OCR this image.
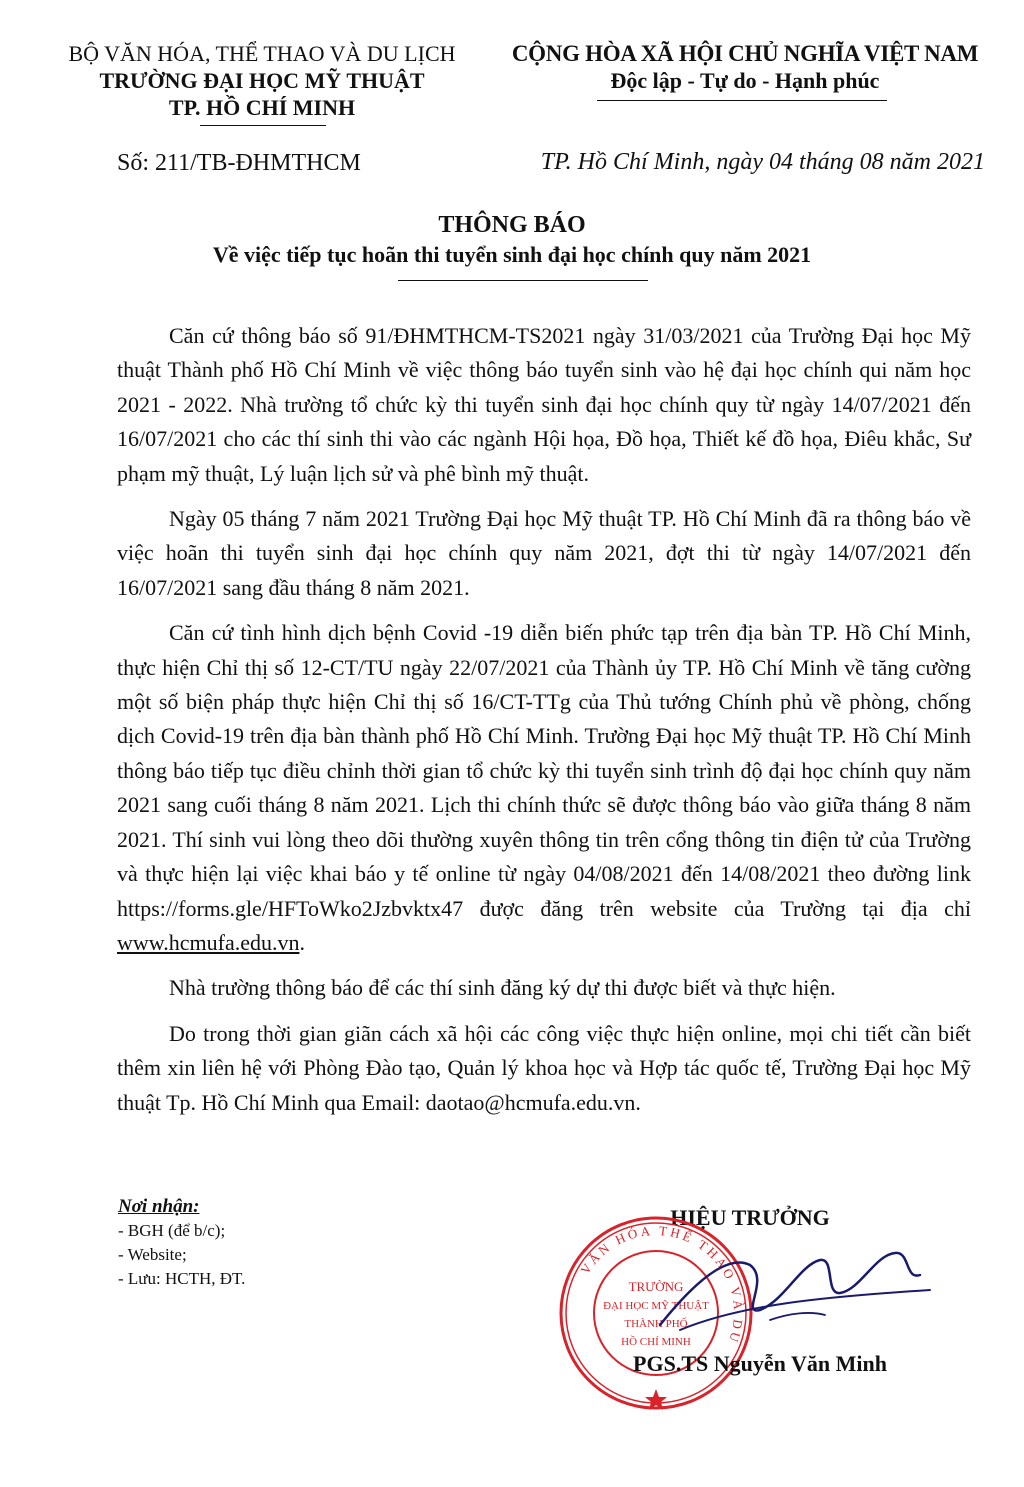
BỘ VĂN HÓA, THỂ THAO VÀ DU LỊCH
TRƯỜNG ĐẠI HỌC MỸ THUẬT
TP. HỒ CHÍ MINH
CỘNG HÒA XÃ HỘI CHỦ NGHĨA VIỆT NAM
Độc lập - Tự do - Hạnh phúc
Số: 211/TB-ĐHMTHCM	TP. Hồ Chí Minh, ngày 04 tháng 08 năm 2021
THÔNG BÁO
Về việc tiếp tục hoãn thi tuyển sinh đại học chính quy năm 2021

Căn cứ thông báo số 91/ĐHMTHCM-TS2021 ngày 31/03/2021 của Trường Đại học Mỹ thuật Thành phố Hồ Chí Minh về việc thông báo tuyển sinh vào hệ đại học chính qui năm học 2021 - 2022. Nhà trường tổ chức kỳ thi tuyển sinh đại học chính quy từ ngày 14/07/2021 đến 16/07/2021 cho các thí sinh thi vào các ngành Hội họa, Đồ họa, Thiết kế đồ họa, Điêu khắc, Sư phạm mỹ thuật, Lý luận lịch sử và phê bình mỹ thuật.

Ngày 05 tháng 7 năm 2021 Trường Đại học Mỹ thuật TP. Hồ Chí Minh đã ra thông báo về việc hoãn thi tuyển sinh đại học chính quy năm 2021, đợt thi từ ngày 14/07/2021 đến 16/07/2021 sang đầu tháng 8 năm 2021.

Căn cứ tình hình dịch bệnh Covid -19 diễn biến phức tạp trên địa bàn TP. Hồ Chí Minh, thực hiện Chỉ thị số 12-CT/TU ngày 22/07/2021 của Thành ủy TP. Hồ Chí Minh về tăng cường một số biện pháp thực hiện Chỉ thị số 16/CT-TTg của Thủ tướng Chính phủ về phòng, chống dịch Covid-19 trên địa bàn thành phố Hồ Chí Minh. Trường Đại học Mỹ thuật TP. Hồ Chí Minh thông báo tiếp tục điều chỉnh thời gian tổ chức kỳ thi tuyển sinh trình độ đại học chính quy năm 2021 sang cuối tháng 8 năm 2021. Lịch thi chính thức sẽ được thông báo vào giữa tháng 8 năm 2021. Thí sinh vui lòng theo dõi thường xuyên thông tin trên cổng thông tin điện tử của Trường và thực hiện lại việc khai báo y tế online từ ngày 04/08/2021 đến 14/08/2021 theo đường link https://forms.gle/HFToWko2Jzbvktx47 được đăng trên website của Trường tại địa chỉ www.hcmufa.edu.vn.

Nhà trường thông báo để các thí sinh đăng ký dự thi được biết và thực hiện.

Do trong thời gian giãn cách xã hội các công việc thực hiện online, mọi chi tiết cần biết thêm xin liên hệ với Phòng Đào tạo, Quản lý khoa học và Hợp tác quốc tế, Trường Đại học Mỹ thuật Tp. Hồ Chí Minh qua Email: daotao@hcmufa.edu.vn.

Nơi nhận:
- BGH (để b/c);
- Website;
- Lưu: HCTH, ĐT.
HIỆU TRƯỞNG
VĂN HÓA THỂ THAO VÀ DU
TRƯỜNG
ĐẠI HỌC MỸ THUẬT
THÀNH PHỐ
HỒ CHÍ MINH
PGS.TS Nguyễn Văn Minh
